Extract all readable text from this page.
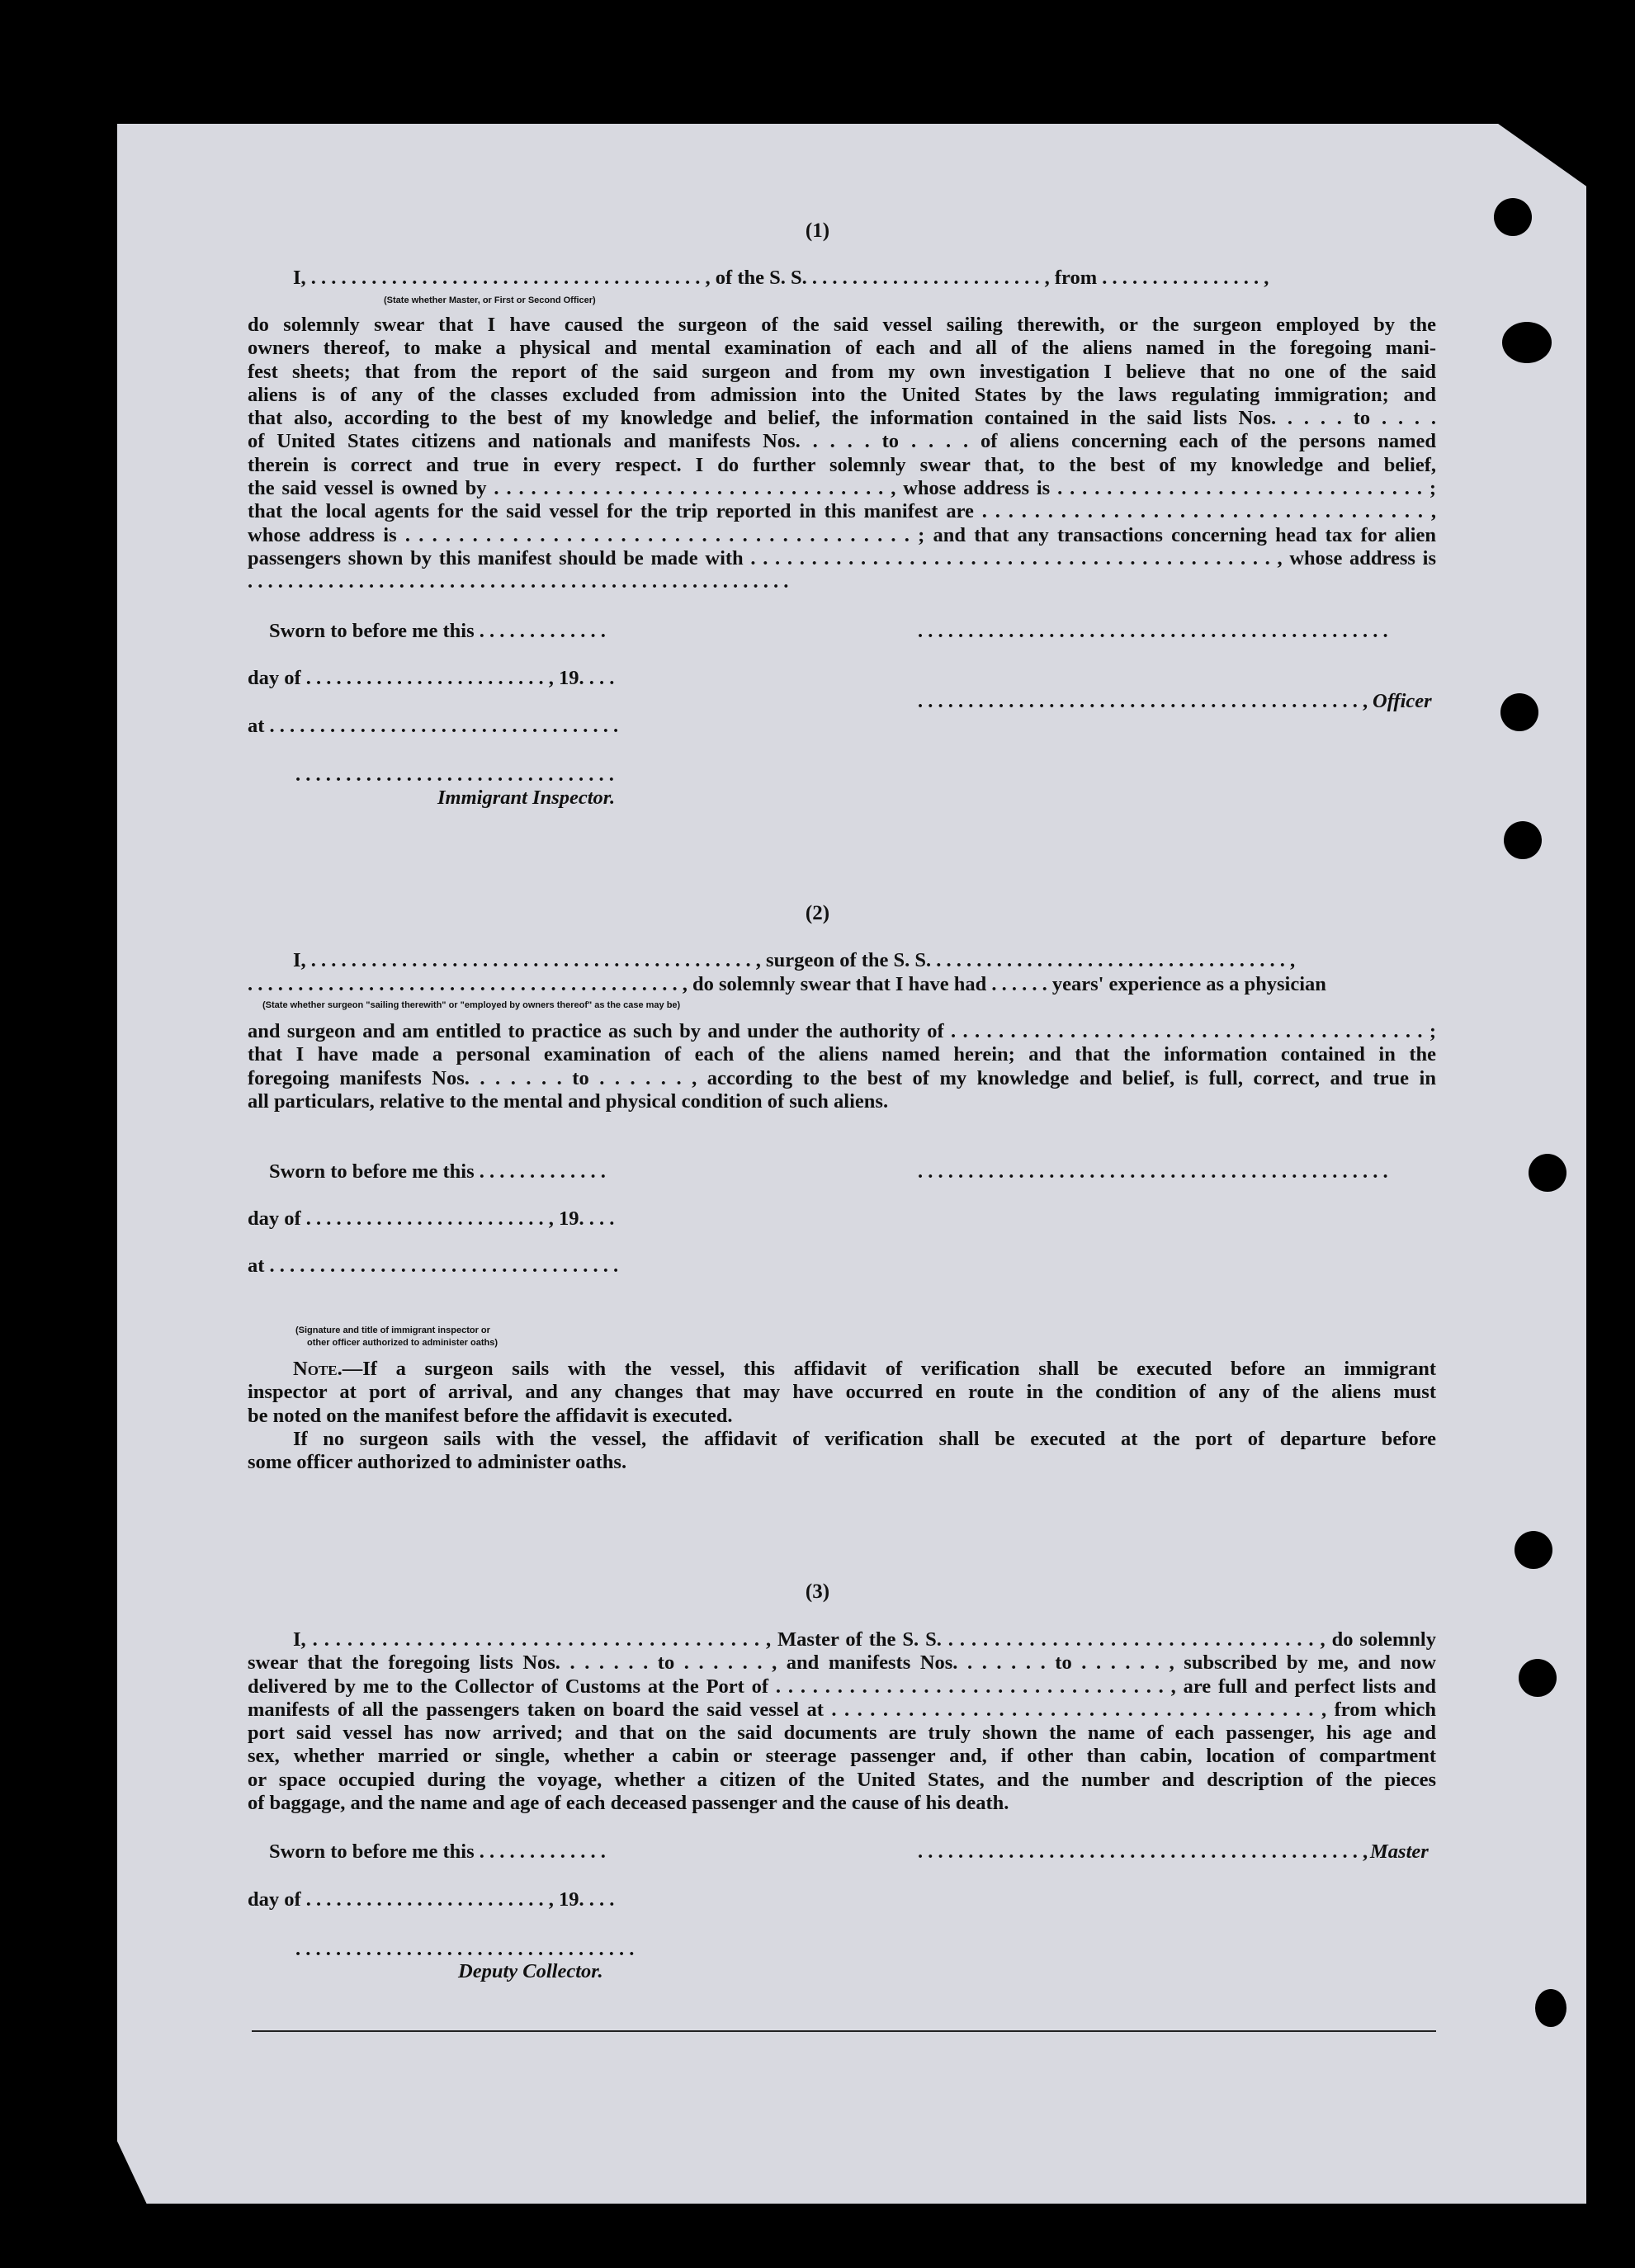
(1)
I, . . . . . . . . . . . . . . . . . . . . . . . . . . . . . . . . . . . . . . . , of the S. S. . . . . . . . . . . . . . . . . . . . . . . . , from . . . . . . . . . . . . . . . . ,
(State whether Master, or First or Second Officer)
do solemnly swear that I have caused the surgeon of the said vessel sailing therewith, or the surgeon employed by the
owners thereof, to make a physical and mental examination of each and all of the aliens named in the foregoing mani-
fest sheets; that from the report of the said surgeon and from my own investigation I believe that no one of the said
aliens is of any of the classes excluded from admission into the United States by the laws regulating immigration; and
that also, according to the best of my knowledge and belief, the information contained in the said lists Nos. . . . . to . . . .
of United States citizens and nationals and manifests Nos. . . . . to . . . . of aliens concerning each of the persons named
therein is correct and true in every respect. I do further solemnly swear that, to the best of my knowledge and belief,
the said vessel is owned by . . . . . . . . . . . . . . . . . . . . . . . . . . . . . . . . , whose address is . . . . . . . . . . . . . . . . . . . . . . . . . . . . . . ;
that the local agents for the said vessel for the trip reported in this manifest are . . . . . . . . . . . . . . . . . . . . . . . . . . . . . . . . . . ,
whose address is . . . . . . . . . . . . . . . . . . . . . . . . . . . . . . . . . . . . . . ; and that any transactions concerning head tax for alien
passengers shown by this manifest should be made with . . . . . . . . . . . . . . . . . . . . . . . . . . . . . . . . . . . . . . . . . . . , whose address is
. . . . . . . . . . . . . . . . . . . . . . . . . . . . . . . . . . . . . . . . . . . . . . . . . . . . . .
Sworn to before me this . . . . . . . . . . . . .
day of . . . . . . . . . . . . . . . . . . . . . . . . , 19. . . .
at . . . . . . . . . . . . . . . . . . . . . . . . . . . . . . . . . . .
. . . . . . . . . . . . . . . . . . . . . . . . . . . . . . . .
Immigrant Inspector.
. . . . . . . . . . . . . . . . . . . . . . . . . . . . . . . . . . . . . . . . . . . . . . .
. . . . . . . . . . . . . . . . . . . . . . . . . . . . . . . . . . . . . . . . . . . . , Officer
(2)
I, . . . . . . . . . . . . . . . . . . . . . . . . . . . . . . . . . . . . . . . . . . . . , surgeon of the S. S. . . . . . . . . . . . . . . . . . . . . . . . . . . . . . . . . . . . ,
. . . . . . . . . . . . . . . . . . . . . . . . . . . . . . . . . . . . . . . . . . . , do solemnly swear that I have had . . . . . . years' experience as a physician
(State whether surgeon "sailing therewith" or "employed by owners thereof" as the case may be)
and surgeon and am entitled to practice as such by and under the authority of . . . . . . . . . . . . . . . . . . . . . . . . . . . . . . . . . . . . . . . . ;
that I have made a personal examination of each of the aliens named herein; and that the information contained in the
foregoing manifests Nos. . . . . . . to . . . . . . , according to the best of my knowledge and belief, is full, correct, and true in
all particulars, relative to the mental and physical condition of such aliens.
Sworn to before me this . . . . . . . . . . . . .
day of . . . . . . . . . . . . . . . . . . . . . . . . , 19. . . .
at . . . . . . . . . . . . . . . . . . . . . . . . . . . . . . . . . . .
. . . . . . . . . . . . . . . . . . . . . . . . . . . . . . . . . . . . . . . . . . . . . . .
(Signature and title of immigrant inspector or
other officer authorized to administer oaths)
Note.—If a surgeon sails with the vessel, this affidavit of verification shall be executed before an immigrant
inspector at port of arrival, and any changes that may have occurred en route in the condition of any of the aliens must
be noted on the manifest before the affidavit is executed.
If no surgeon sails with the vessel, the affidavit of verification shall be executed at the port of departure before
some officer authorized to administer oaths.
(3)
I, . . . . . . . . . . . . . . . . . . . . . . . . . . . . . . . . . . . . . . . , Master of the S. S. . . . . . . . . . . . . . . . . . . . . . . . . . . . . . . . . , do solemnly
swear that the foregoing lists Nos. . . . . . . to . . . . . . , and manifests Nos. . . . . . . to . . . . . . , subscribed by me, and now
delivered by me to the Collector of Customs at the Port of . . . . . . . . . . . . . . . . . . . . . . . . . . . . . . . . , are full and perfect lists and
manifests of all the passengers taken on board the said vessel at . . . . . . . . . . . . . . . . . . . . . . . . . . . . . . . . . . . . . . , from which
port said vessel has now arrived; and that on the said documents are truly shown the name of each passenger, his age and
sex, whether married or single, whether a cabin or steerage passenger and, if other than cabin, location of compartment
or space occupied during the voyage, whether a citizen of the United States, and the number and description of the pieces
of baggage, and the name and age of each deceased passenger and the cause of his death.
Sworn to before me this . . . . . . . . . . . . .
day of . . . . . . . . . . . . . . . . . . . . . . . . , 19. . . .
. . . . . . . . . . . . . . . . . . . . . . . . . . . . . . . . . .
Deputy Collector.
. . . . . . . . . . . . . . . . . . . . . . . . . . . . . . . . . . . . . . . . . . . . , Master
